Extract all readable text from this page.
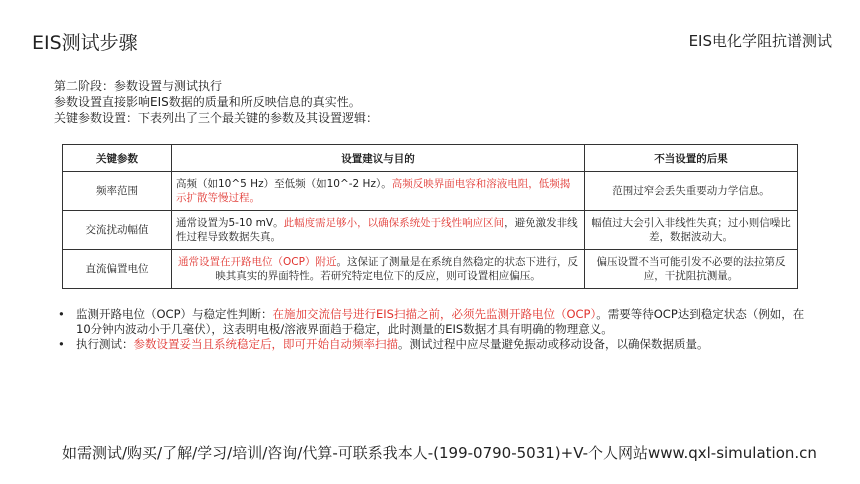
EIS测试步骤	EIS电化学阻抗谱测试
第二阶段：参数设置与测试执行
参数设置直接影响EIS数据的质量和所反映信息的真实性。
关键参数设置：下表列出了三个最关键的参数及其设置逻辑：
关键参数	设置建议与目的	不当设置的后果
频率范围	高频（如10^5 Hz）至低频（如10^-2 Hz）。高频反映界面电容和溶液电阻，低频揭示扩散等慢过程。	范围过窄会丢失重要动力学信息。
交流扰动幅值	通常设置为5-10 mV。此幅度需足够小，以确保系统处于线性响应区间，避免激发非线性过程导致数据失真。	幅值过大会引入非线性失真；过小则信噪比差，数据波动大。
直流偏置电位	通常设置在开路电位（OCP）附近。这保证了测量是在系统自然稳定的状态下进行，反映其真实的界面特性。若研究特定电位下的反应，则可设置相应偏压。	偏压设置不当可能引发不必要的法拉第反应，干扰阻抗测量。
• 监测开路电位（OCP）与稳定性判断：在施加交流信号进行EIS扫描之前，必须先监测开路电位（OCP）。需要等待OCP达到稳定状态（例如，在10分钟内波动小于几毫伏），这表明电极/溶液界面趋于稳定，此时测量的EIS数据才具有明确的物理意义。
• 执行测试：参数设置妥当且系统稳定后，即可开始自动频率扫描。测试过程中应尽量避免振动或移动设备，以确保数据质量。
如需测试/购买/了解/学习/培训/咨询/代算-可联系我本人-(199-0790-5031)+V-个人网站www.qxl-simulation.cn
